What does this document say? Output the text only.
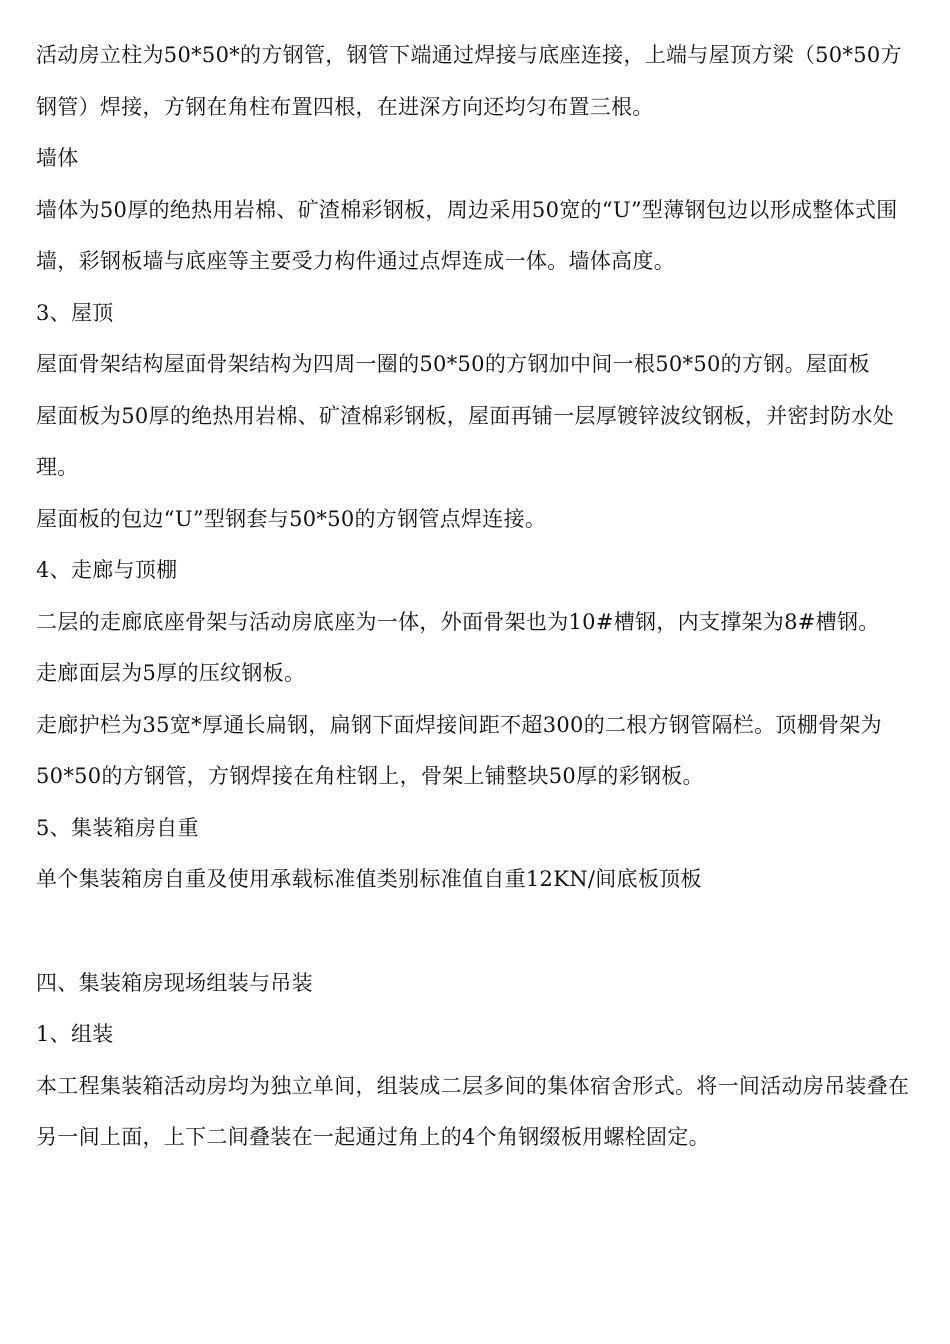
活动房立柱为50*50*的方钢管，钢管下端通过焊接与底座连接，上端与屋顶方梁（50*50方钢管）焊接，方钢在角柱布置四根，在进深方向还均匀布置三根。

墙体

墙体为50厚的绝热用岩棉、矿渣棉彩钢板，周边采用50宽的“U”型薄钢包边以形成整体式围墙，彩钢板墙与底座等主要受力构件通过点焊连成一体。墙体高度。

3、屋顶

屋面骨架结构屋面骨架结构为四周一圈的50*50的方钢加中间一根50*50的方钢。屋面板

屋面板为50厚的绝热用岩棉、矿渣棉彩钢板，屋面再铺一层厚镀锌波纹钢板，并密封防水处理。

屋面板的包边“U”型钢套与50*50的方钢管点焊连接。

4、走廊与顶棚

二层的走廊底座骨架与活动房底座为一体，外面骨架也为10#槽钢，内支撑架为8#槽钢。

走廊面层为5厚的压纹钢板。

走廊护栏为35宽*厚通长扁钢，扁钢下面焊接间距不超300的二根方钢管隔栏。顶棚骨架为50*50的方钢管，方钢焊接在角柱钢上，骨架上铺整块50厚的彩钢板。

5、集装箱房自重

单个集装箱房自重及使用承载标准值类别标准值自重12KN/间底板顶板

四、集装箱房现场组装与吊装

1、组装

本工程集装箱活动房均为独立单间，组装成二层多间的集体宿舍形式。将一间活动房吊装叠在另一间上面，上下二间叠装在一起通过角上的4个角钢缀板用螺栓固定。
